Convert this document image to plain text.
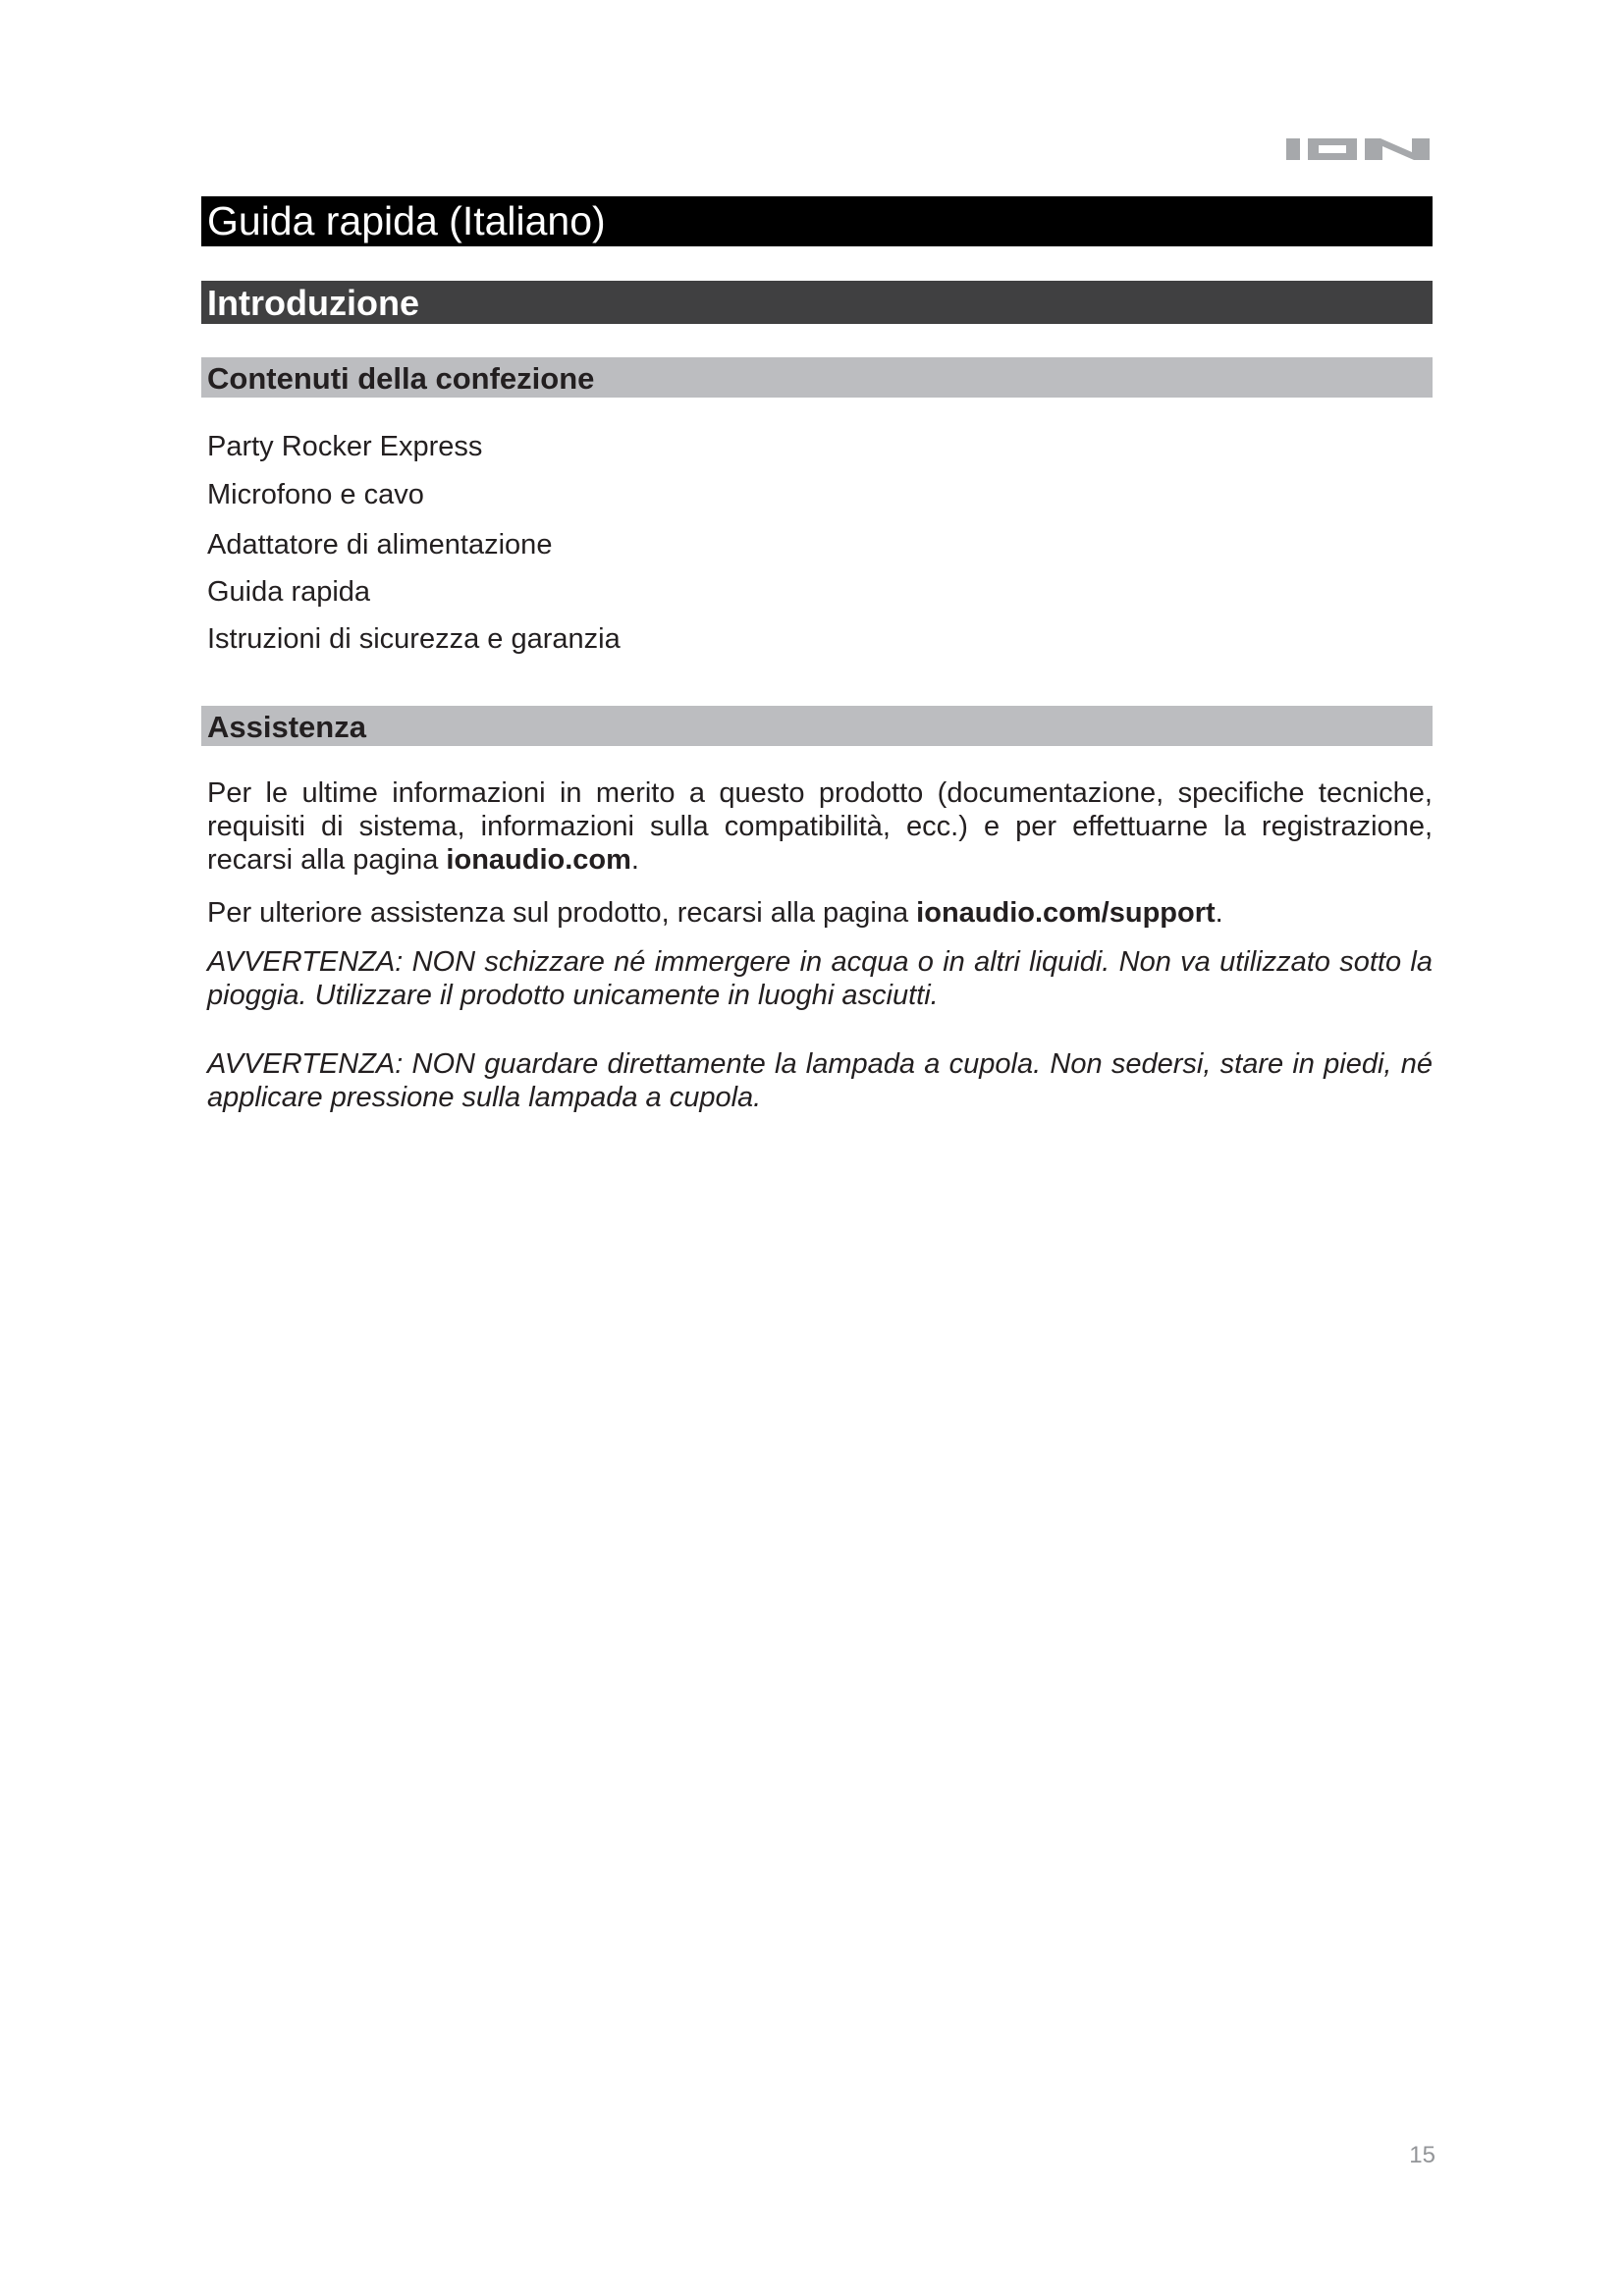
Guida rapida (Italiano)
Introduzione
Contenuti della confezione
Party Rocker Express
Microfono e cavo
Adattatore di alimentazione
Guida rapida
Istruzioni di sicurezza e garanzia
Assistenza

Per le ultime informazioni in merito a questo prodotto (documentazione, specifiche tecniche, requisiti di sistema, informazioni sulla compatibilità, ecc.) e per effettuarne la registrazione, recarsi alla pagina ionaudio.com.

Per ulteriore assistenza sul prodotto, recarsi alla pagina ionaudio.com/support.

AVVERTENZA: NON schizzare né immergere in acqua o in altri liquidi. Non va utilizzato sotto la pioggia. Utilizzare il prodotto unicamente in luoghi asciutti.

AVVERTENZA: NON guardare direttamente la lampada a cupola. Non sedersi, stare in piedi, né applicare pressione sulla lampada a cupola.

15
